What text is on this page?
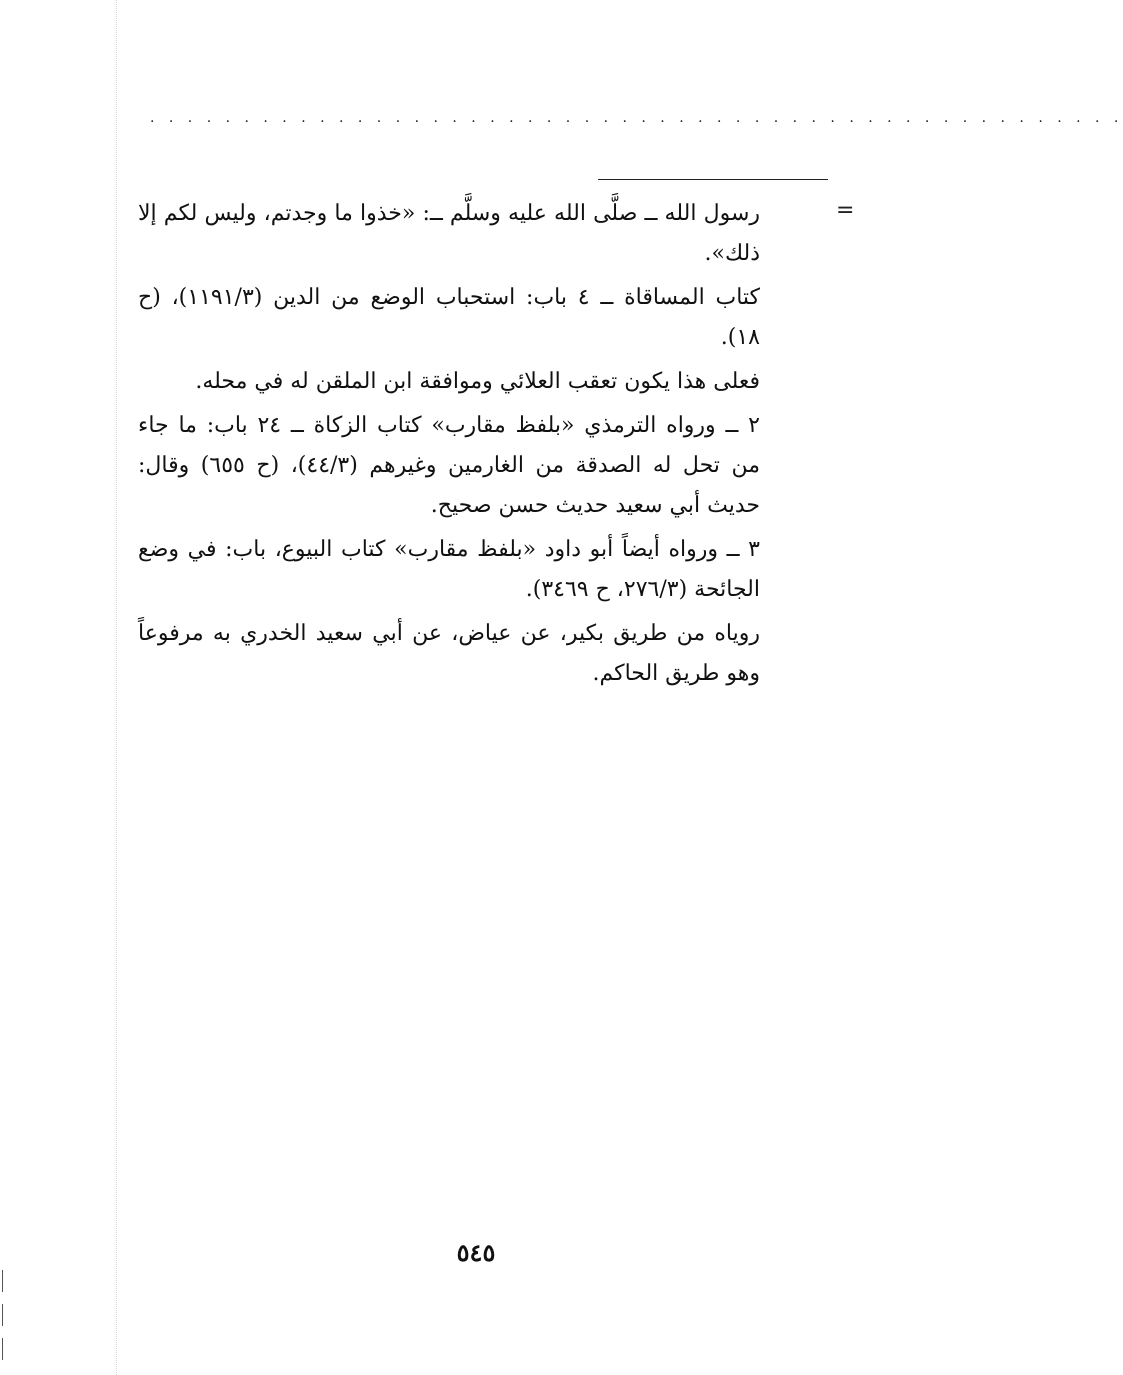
. . . . . . . . . . . . . . . . . . . . . . . . . . . . . . . . . . . . . . . . . . . . . . . . . . . .
=

رسول الله ــ صلَّى الله عليه وسلَّم ــ: «خذوا ما وجدتم، وليس لكم إلا ذلك».

كتاب المساقاة ــ ٤ باب: استحباب الوضع من الدين (١١٩١/٣)، (ح ١٨).

فعلى هذا يكون تعقب العلائي وموافقة ابن الملقن له في محله.

٢ ــ ورواه الترمذي «بلفظ مقارب» كتاب الزكاة ــ ٢٤ باب: ما جاء من تحل له الصدقة من الغارمين وغيرهم (٤٤/٣)، (ح ٦٥٥) وقال: حديث أبي سعيد حديث حسن صحيح.

٣ ــ ورواه أيضاً أبو داود «بلفظ مقارب» كتاب البيوع، باب: في وضع الجائحة (٢٧٦/٣، ح ٣٤٦٩).

روياه من طريق بكير، عن عياض، عن أبي سعيد الخدري به مرفوعاً وهو طريق الحاكم.

٥٤٥
